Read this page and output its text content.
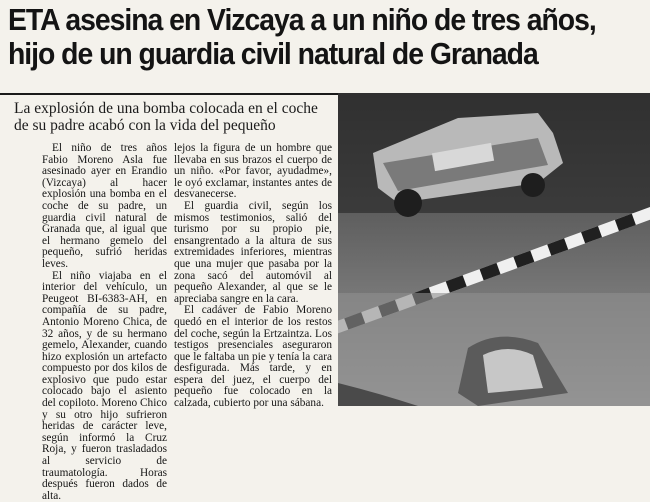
ETA asesina en Vizcaya a un niño de tres años,
hijo de un guardia civil natural de Granada
La explosión de una bomba colocada en el coche
de su padre acabó con la vida del pequeño

El niño de tres años Fabio Moreno Asla fue asesinado ayer en Erandio (Vizcaya) al hacer explosión una bomba en el coche de su padre, un guardia civil natural de Granada que, al igual que el hermano gemelo del pequeño, sufrió heridas leves.

El niño viajaba en el interior del vehículo, un Peugeot BI-6383-AH, en compañía de su padre, Antonio Moreno Chica, de 32 años, y de su hermano gemelo, Alexander, cuando hizo explosión un artefacto compuesto por dos kilos de explosivo que pudo estar colocado bajo el asiento del copiloto. Moreno Chico y su otro hijo sufrieron heridas de carácter leve, según informó la Cruz Roja, y fueron trasladados al servicio de traumatología. Horas después fueron dados de alta.

lejos la figura de un hombre que llevaba en sus brazos el cuerpo de un niño. «Por favor, ayudadme», le oyó exclamar, instantes antes de desvanecerse.

El guardia civil, según los mismos testimonios, salió del turismo por su propio pie, ensangrentado a la altura de sus extremidades inferiores, mientras que una mujer que pasaba por la zona sacó del automóvil al pequeño Alexander, al que se le apreciaba sangre en la cara.

El cadáver de Fabio Moreno quedó en el interior de los restos del coche, según la Ertzaintza. Los testigos presenciales aseguraron que le faltaba un pie y tenía la cara desfigurada. Más tarde, y en espera del juez, el cuerpo del pequeño fue colocado en la calzada, cubierto por una sábana.
